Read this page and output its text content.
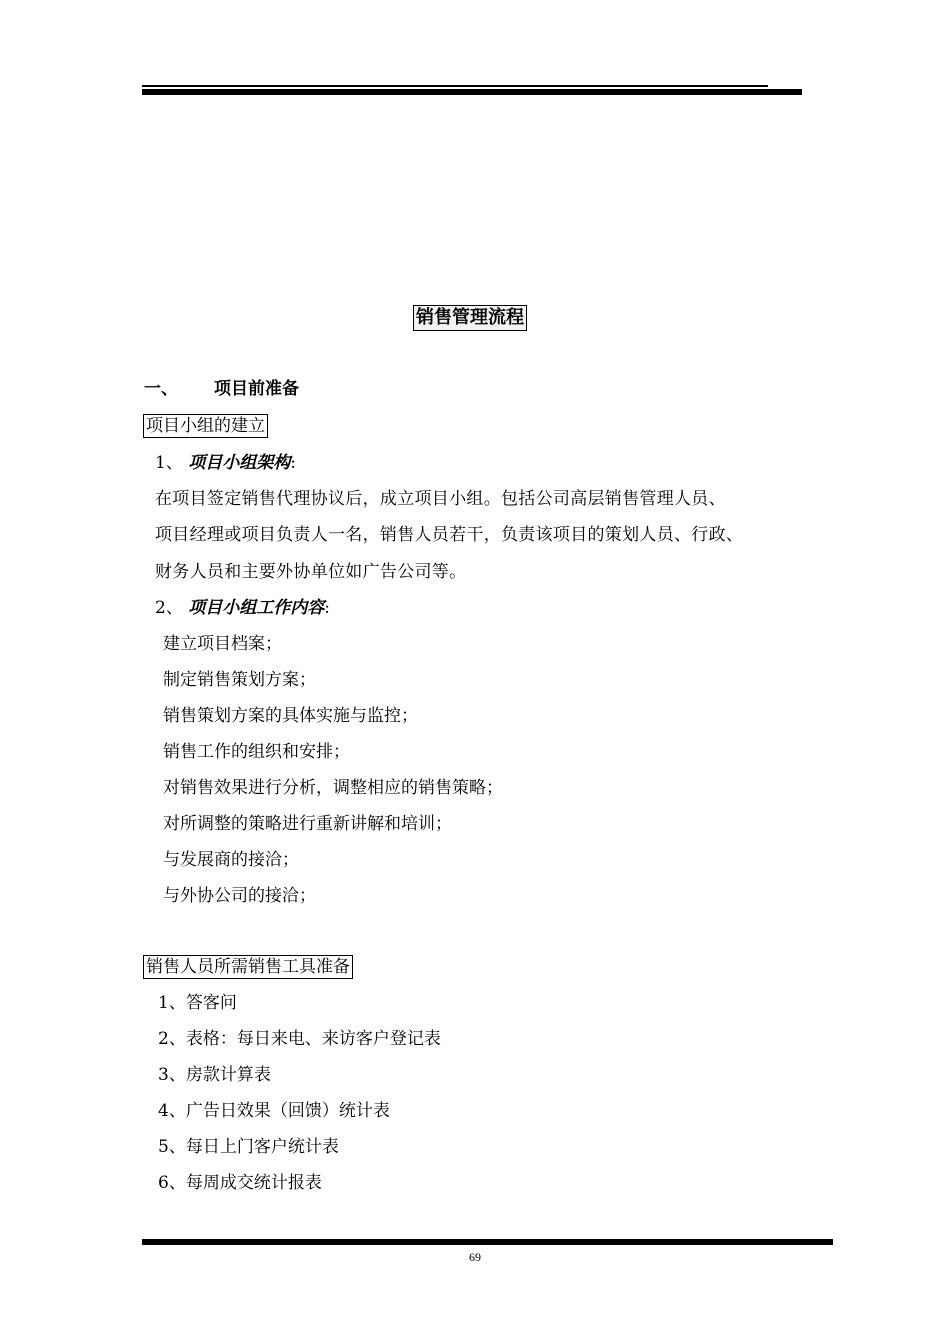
销售管理流程
一、 项目前准备
项目小组的建立
1、 项目小组架构:
在项目签定销售代理协议后，成立项目小组。包括公司高层销售管理人员、
项目经理或项目负责人一名，销售人员若干，负责该项目的策划人员、行政、
财务人员和主要外协单位如广告公司等。
2、 项目小组工作内容:
建立项目档案；
制定销售策划方案；
销售策划方案的具体实施与监控；
销售工作的组织和安排；
对销售效果进行分析，调整相应的销售策略；
对所调整的策略进行重新讲解和培训；
与发展商的接洽；
与外协公司的接洽；
销售人员所需销售工具准备
1、答客问
2、表格：每日来电、来访客户登记表
3、房款计算表
4、广告日效果（回馈）统计表
5、每日上门客户统计表
6、每周成交统计报表
69
